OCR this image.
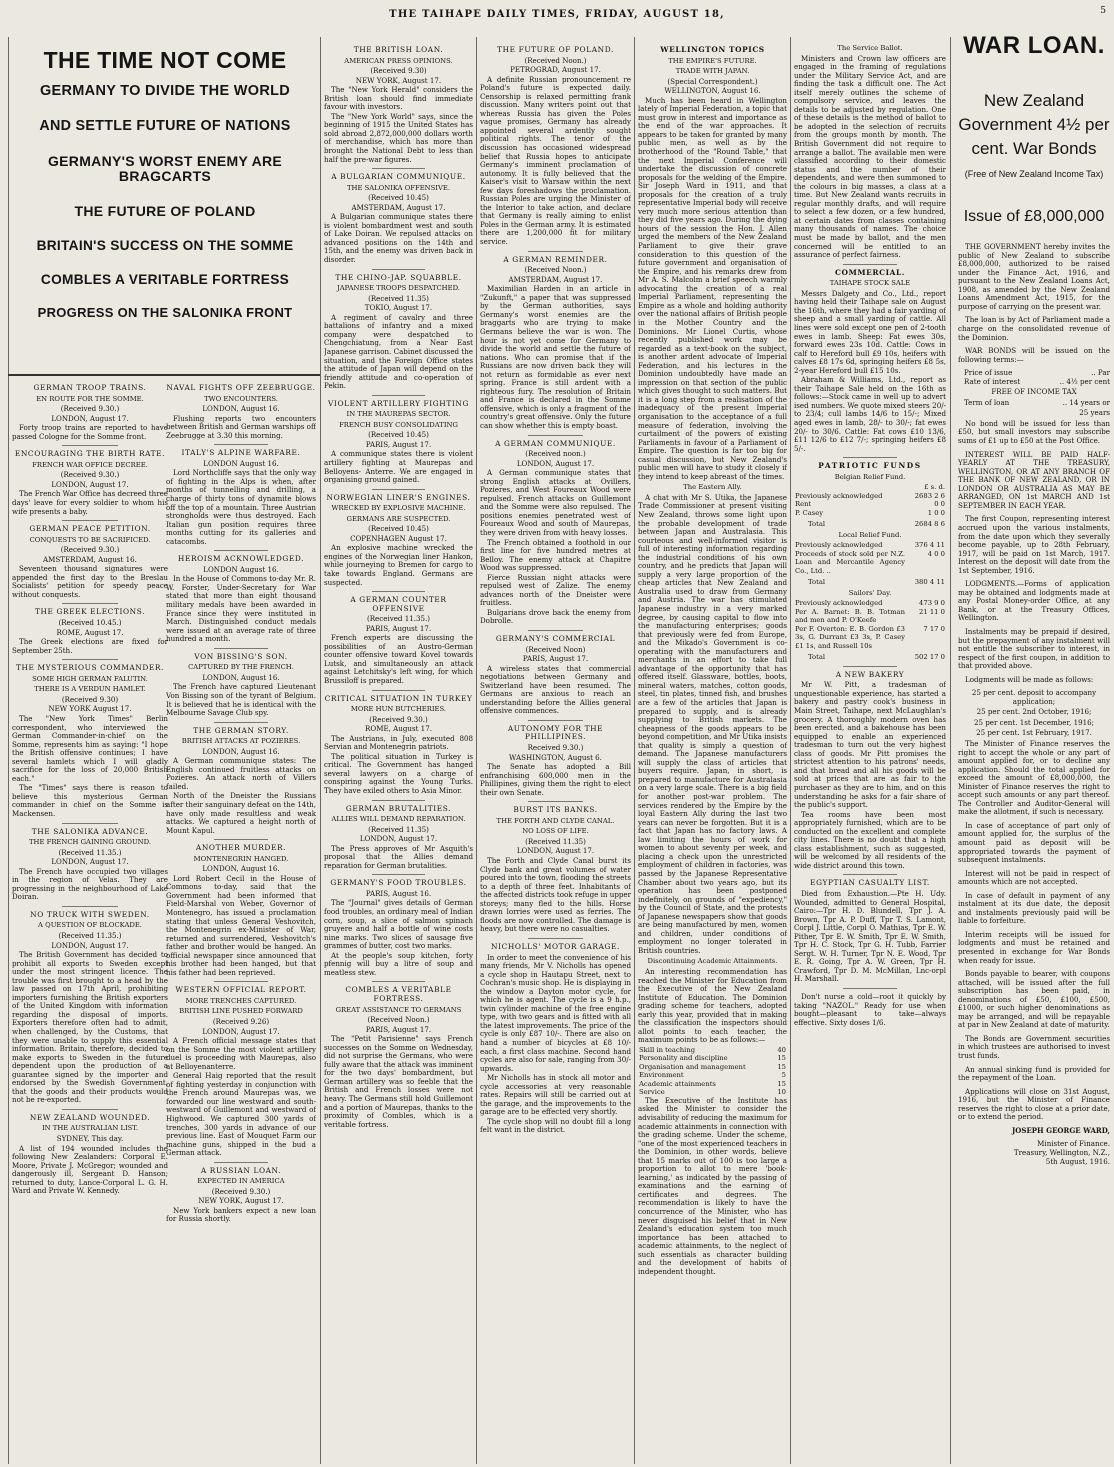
THE TAIHAPE DAILY TIMES, FRIDAY, AUGUST 18,	5
THE TIME NOT COME
GERMANY TO DIVIDE THE WORLD
AND SETTLE FUTURE OF NATIONS
GERMANY'S WORST ENEMY ARE BRAGCARTS
THE FUTURE OF POLAND
BRITAIN'S SUCCESS ON THE SOMME
COMBLES A VERITABLE FORTRESS
PROGRESS ON THE SALONIKA FRONT
GERMAN TROOP TRAINS.
EN ROUTE FOR THE SOMME.

(Received 9.30.)

LONDON, August 17.

Forty troop trains are reported to have passed Cologne for the Somme front.

ENCOURAGING THE BIRTH RATE.
FRENCH WAR OFFICE DECREE.

(Received 9.30.)

LONDON, August 17.

The French War Office has decreed three days' leave for every soldier to whom his wife presents a baby.

GERMAN PEACE PETITION.
CONQUESTS TO BE SACRIFICED.

(Received 9.30.)

AMSTERDAM, August 16.

Seventeen thousand signatures were appended the first day to the Breslau Socialists' petition for speedy peace without conquests.

THE GREEK ELECTIONS.

(Received 10.45.)

ROME, August 17.

The Greek elections are fixed for September 25th.

THE MYSTERIOUS COMMANDER.
SOME HIGH GERMAN FALUTIN.
THERE IS A VERDUN HAMLET.

(Received 9.30)

NEW YORK August 17.

The "New York Times" Berlin correspondent, who interviewed the German Commander-in-chief on the Somme, represents him as saying: "I hope the British offensive continues; I have several hamlets which I will gladly sacrifice for the loss of 20,000 British each."

The "Times" says there is reason to believe this mysterious German commander in chief on the Somme is Mackensen.

THE SALONIKA ADVANCE.
THE FRENCH GAINING GROUND.

(Received 11.35.)

LONDON, August 17.

The French have occupied two villages in the region of Velas. They are progressing in the neighbourhood of Lake Doiran.

NO TRUCK WITH SWEDEN.
A QUESTION OF BLOCKADE.

(Received 11.35.)

LONDON, August 17.

The British Government has decided to prohibit all exports to Sweden except under the most stringent licence. The trouble was first brought to a head by the law passed on 17th April, prohibiting importers furnishing the British exporters of the United Kingdom with information regarding the disposal of imports. Exporters therefore often had to admit, when challenged, by the Customs, that they were unable to supply this essential information. Britain, therefore, decided to make exports to Sweden in the future dependent upon the production of a guarantee signed by the importer and endorsed by the Swedish Government, that the goods and their products would not be re-exported.

NEW ZEALAND WOUNDED.
IN THE AUSTRALIAN LIST.

SYDNEY, This day.

A list of 194 wounded includes the following New Zealanders: Corporal E. Moore, Private J. McGregor; wounded and dangerously ill, Sergeant D. Hanson; returned to duty, Lance-Corporal L. G. H. Ward and Private W. Kennedy.

NAVAL FIGHTS OFF ZEEBRUGGE.
TWO ENCOUNTERS.

LONDON, August 16.

Flushing reports two encounters between British and German warships off Zeebrugge at 3.30 this morning.

ITALY'S ALPINE WARFARE.

LONDON August 16.

Lord Northcliffe says that the only way of fighting in the Alps is when, after months of tunnelling and drilling, a charge of thirty tons of dynamite blows off the top of a mountain. Three Austrian strongholds were thus destroyed. Each Italian gun position requires three months cutting for its galleries and catacombs.

HEROISM ACKNOWLEDGED.

LONDON August 16.

In the House of Commons to-day Mr. R. W. Forster, Under-Secretary for War stated that more than eight thousand military medals have been awarded in France since they were instituted in March. Distinguished conduct medals were issued at an average rate of three hundred a month.

VON BISSING'S SON.
CAPTURED BY THE FRENCH.

LONDON, August 16.

The French have captured Lieutenant Von Bissing son of the tyrant of Belgium. It is believed that he is identical with the Melbourne Savage Club spy.

THE GERMAN STORY.
BRITISH ATTACKS AT POZIERES.

LONDON, August 16.

A German communique states: The English continued fruitless attacks on Pozieres. An attack north of Villers failed.

North of the Dneister the Russians after their sanguinary defeat on the 14th, have only made resultless and weak attacks. We captured a height north of Mount Kapul.

ANOTHER MURDER.
MONTENEGRIN HANGED.

LONDON, August 16.

Lord Robert Cecil in the House of Commons to-day, said that the Government had been informed that Field-Marshal von Weber, Governor of Montenegro, has issued a proclamation stating that unless General Veshovitch, the Montenegrin ex-Minister of War, returned and surrendered, Veshovitch's father and brother would be hanged. An official newspaper since announced that his brother had been hanged, but that his father had been reprieved.

WESTERN OFFICIAL REPORT.
MORE TRENCHES CAPTURED.
BRITISH LINE PUSHED FORWARD

(Received 9.26)

LONDON, August 17.

A French official message states that on the Somme the most violent artillery duel is proceeding with Maurepas, also at Belloyenanterre.

General Haig reported that the result of fighting yesterday in conjunction with the French around Maurepas was, we forwarded our line westward and south-westward of Guillemont and westward of Highwood. We captured 300 yards of trenches, 300 yards in advance of our previous line. East of Mouquet Farm our machine guns, shipped in the bud a German attack.

A RUSSIAN LOAN.
EXPECTED IN AMERICA

(Received 9.30.)

NEW YORK, August 17.

New York bankers expect a new loan for Russia shortly.

THE BRITISH LOAN.
AMERICAN PRESS OPINIONS.

(Received 9.30)

NEW YORK, August 17.

The "New York Herald" considers the British loan should find immediate favour with investors.

The "New York World" says, since the beginning of 1915 the United States has sold abroad 2,872,000,000 dollars worth of merchandise, which has more than brought the National Debt to less than half the pre-war figures.

A BULGARIAN COMMUNIQUE.
THE SALONIKA OFFENSIVE.

(Received 10.45)

AMSTERDAM, August 17.

A Bulgarian communique states there is violent bombardment west and south of Lake Doiran. We repulsed attacks on advanced positions on the 14th and 15th, and the enemy was driven back in disorder.

THE CHINO-JAP. SQUABBLE.
JAPANESE TROOPS DESPATCHED.

(Received 11.35)

TOKIO, August 17.

A regiment of cavalry and three battalions of infantry and a mixed company were despatched to Chengchiatung, from a Near East Japanese garrison. Cabinet discussed the situation, and the Foreign Office states the attitude of Japan will depend on the friendly attitude and co-operation of Pekin.

VIOLENT ARTILLERY FIGHTING
IN THE MAUREPAS SECTOR.
FRENCH BUSY CONSOLIDATING

(Received 10.45)

PARIS, August 17.

A communique states there is violent artillery fighting at Maurepas and Belloyens- Anterre. We are engaged in organising ground gained.

NORWEGIAN LINER'S ENGINES.
WRECKED BY EXPLOSIVE MACHINE.
GERMANS ARE SUSPECTED.

(Received 10.45)

COPENHAGEN August 17.

An explosive machine wrecked the engines of the Norwegian liner Hankon, while journeying to Bremen for cargo to take towards England. Germans are suspected.

A GERMAN COUNTER OFFENSIVE

(Received 11.35.)

PARIS, August 17.

French experts are discussing the possibilities of an Austro-German counter offensive toward Kovel towards Lutsk, and simultaneously an attack against Letchitsky's left wing, for which Brussiloff is prepared.

CRITICAL SITUATION IN TURKEY
MORE HUN BUTCHERIES.

(Received 9.30.)

ROME, August 17.

The Austrians, in July, executed 808 Servian and Montenegrin patriots.

The political situation in Turkey is critical. The Government has hanged several lawyers on a charge of conspiring against the Young Turks. They have exiled others to Asia Minor.

GERMAN BRUTALITIES.
ALLIES WILL DEMAND REPARATION.

(Received 11.35)

LONDON, August 17.

The Press approves of Mr Asquith's proposal that the Allies demand reparation for German brutalities.

GERMANY'S FOOD TROUBLES.

PARIS, August 16.

The "Journal" gives details of German food troubles, an ordinary meal of Indian corn, soup, a slice of salmon spinach gruyere and half a bottle of wine costs nine marks. Two slices of sausage five grammes of butter, cost two marks.

At the people's soup kitchen, forty pfennig will buy a litre of soup and meatless stew.

COMBLES A VERITABLE FORTRESS.
GREAT ASSISTANCE TO GERMANS

(Received Noon.)

PARIS, August 17.

The "Petit Parisienne" says French successes on the Somme on Wednesday, did not surprise the Germans, who were fully aware that the attack was imminent for the two days' bombardment, but German artillery was so feeble that the British and French losses were not heavy. The Germans still hold Guillemont and a portion of Maurepas, thanks to the proximity of Combles, which is a veritable fortress.

THE FUTURE OF POLAND.

(Received Noon.)

PETROGRAD, August 17.

A definite Russian pronouncement re Poland's future is expected daily. Censorship is relaxed permitting frank discussion. Many writers point out that whereas Russia has given the Poles vague promises, Germany has already appointed several ardently sought political rights. The tenor of the discussion has occasioned widespread belief that Russia hopes to anticipate Germany's imminent proclamation of autonomy. It is fully believed that the Kaiser's visit to Warsaw within the next few days foreshadows the proclamation. Russian Poles are urging the Minister of the Interior to take action, and declare that Germany is really aiming to enlist Poles in the German army. It is estimated there are 1,200,000 fit for military service.

A GERMAN REMINDER.

(Received Noon.)

AMSTERDAM, August 17.

Maximilian Harden in an article in "Zukunft," a paper that was suppressed by the German authorities, says Germany's worst enemies are the braggarts who are trying to make Germans believe the war is won. The hour is not yet come for Germany to divide the world and settle the future of nations. Who can promise that if the Russians are now driven back they will not return as formidable as ever next spring. France is still ardent with a righteous fury. The resolution of Britain and France is declared in the Somme offensive, which is only a fragment of the country's great offensive. Only the future can show whether this is empty boast.

A GERMAN COMMUNIQUE.

(Received noon.)

LONDON, August 17.

A German communique states that strong English attacks at Ovillers, Pozieres, and West Foureaux Wood were repulsed. French attacks on Guillemont and the Somme were also repulsed. The positions enemies penetrated west of Foureaux Wood and south of Maurepas, they were driven from with heavy losses.

The French obtained a foothold in our first line for five hundred metres at Belloy. The enemy attack at Chapitre Wood was suppressed.

Fierce Russian night attacks were repulsed west of Zalize. The enemy advances north of the Dneister were fruitless.

Bulgarians drove back the enemy from Dobrolle.

GERMANY'S COMMERCIAL

(Received Noon)

PARIS, August 17.

A wireless states that commercial negotiations between Germany and Switzerland have been resumed. The Germans are anxious to reach an understanding before the Allies general offensive commences.

AUTONOMY FOR THE PHILLIPINES.

Received 9.30.)

WASHINGTON, August 6.

The Senate has adopted a Bill enfranchising 600,000 men in the Phillipines, giving them the right to elect their own Senate.

BURST ITS BANKS.
THE FORTH AND CLYDE CANAL.
NO LOSS OF LIFE.

(Received 11.35)

LONDON, August 17.

The Forth and Clyde Canal burst its Clyde bank and great volumes of water poured into the town, flooding the streets to a depth of three feet. Inhabitants of the affected districts took refuge in upper storeys; many fled to the hills. Horse drawn lorries were used as ferries. The floods are now controlled. The damage is heavy, but there were no casualties.

NICHOLLS' MOTOR GARAGE.

In order to meet the convenience of his many friends, Mr V. Nicholls has opened a cycle shop in Hautapu Street, next to Cochran's music shop. He is displaying in the window a Dayton motor cycle, for which he is agent. The cycle is a 9 h.p., twin cylinder machine of the free engine type, with two gears and is fitted with all the latest improvements. The price of the cycle is only £87 10/-. There are also on hand a number of bicycles at £8 10/- each, a first class machine. Second hand cycles are also for sale, ranging from 30/- upwards.

Mr Nicholls has in stock all motor and cycle accessories at very reasonable rates. Repairs will still be carried out at the garage, and the improvements to the garage are to be effected very shortly.

The cycle shop will no doubt fill a long felt want in the district.

WELLINGTON TOPICS
THE EMPIRE'S FUTURE.
TRADE WITH JAPAN.

(Special Correspondent.)

WELLINGTON, August 16.

Much has been heard in Wellington lately of Imperial Federation, a topic that must grow in interest and importance as the end of the war approaches. It appears to be taken for granted by many public men, as well as by the brotherhood of the "Round Table," that the next Imperial Conference will undertake the discussion of concrete proposals for the welding of the Empire. Sir Joseph Ward in 1911, and that proposals for the creation of a truly representative Imperial body will receive very much more serious attention than they did five years ago. During the dying hours of the session the Hon. J. Allen urged the members of the New Zealand Parliament to give their grave consideration to this question of the future government and organisation of the Empire, and his remarks drew from Mr A. S. Malcolm a brief speech warmly advocating the creation of a real Imperial Parliament, representing the Empire as a whole and holding authority over the national affairs of British people in the Mother Country and the Dominions. Mr Lionel Curtis, whose recently published work may be regarded as a text-book on the subject, is another ardent advocate of Imperial Federation, and his lectures in the Dominion undoubtedly have made an impression on that section of the public which gives thought to such matters. But it is a long step from a realisation of the inadequacy of the present Imperial organisation to the acceptance of a full measure of federation, involving the curtailment of the powers of existing Parliaments in favour of a Parliament of Empire. The question is far too big for casual discussion, but New Zealand's public men will have to study it closely if they intend to keep abreast of the times.

The Eastern Ally.

A chat with Mr S. Utika, the Japanese Trade Commissioner at present visiting New Zealand, throws some light upon the probable development of trade between Japan and Australasia. This courteous and well-informed visitor is full of interesting information regarding the industrial conditions of his own country, and he predicts that Japan will supply a very large proportion of the cheap articles that New Zealand and Australia used to draw from Germany and Austria. The war has stimulated Japanese industry in a very marked degree, by causing capital to flow into the manufacturing enterprises; goods that previously were fed from Europe, and the Mikado's Government is co-operating with the manufacturers and merchants in an effort to take full advantage of the opportunity that has offered itself. Glassware, bottles, boots, mineral waters, matches, cotton goods, steel, tin plates, tinned fish, and brushes are a few of the articles that Japan is prepared to supply, and is already supplying to British markets. The cheapness of the goods appears to be beyond competition, and Mr Utika insists that quality is simply a question of demand. The Japanese manufacturers will supply the class of articles that buyers require. Japan, in short, is prepared to manufacture for Australasia on a very large scale. There is a big field for another post-war problem. The services rendered by the Empire by the loyal Eastern Ally during the last two years can never be forgotten. But it is a fact that Japan has no factory laws. A law limiting the hours of work for women to about seventy per week, and placing a check upon the unrestricted employment of children in factories, was passed by the Japanese Representative Chamber about two years ago, but its operation has been postponed indefinitely, on grounds of "expediency," by the Council of State, and the protests of Japanese newspapers show that goods are being manufactured by men, women and children, under conditions of employment no longer tolerated in British countries.

Discontinuing Academic Attainments.

An interesting recommendation has reached the Minister for Education from the Executive of the New Zealand Institute of Education. The Dominion grading scheme for teachers, adopted early this year, provided that in making the classification the inspectors should allot points to each teacher, the maximum points to be as follows:—

Skill in teaching	40
Personality and discipline	15
Organisation and management	15
Environment	5
Academic attainments	15
Service	10

The Executive of the Institute has asked the Minister to consider the advisability of reducing the maximum for academic attainments in connection with the grading scheme. Under the scheme, "one of the most experienced teachers in the Dominion, in other words, believe that 15 marks out of 100 is too large a proportion to allot to mere 'book-learning,' as indicated by the passing of examinations and the earning of certificates and degrees. The recommendation is likely to have the concurrence of the Minister, who has never disguised his belief that in New Zealand's education system too much importance has been attached to academic attainments, to the neglect of such essentials as character building and the development of habits of independent thought.

The Service Ballot.

Ministers and Crown law officers are engaged in the framing of regulations under the Military Service Act, and are finding the task a difficult one. The Act itself merely outlines the scheme of compulsory service, and leaves the details to be adjusted by regulation. One of these details is the method of ballot to be adopted in the selection of recruits from the groups month by month. The British Government did not require to arrange a ballot. The available men were classified according to their domestic status and the number of their dependents, and were then summoned to the colours in big masses, a class at a time. But New Zealand wants recruits in regular monthly drafts, and will require to select a few dozen, or a few hundred, at certain dates from classes containing many thousands of names. The choice must be made by ballot, and the men concerned will be entitled to an assurance of perfect fairness.

COMMERCIAL.
TAIHAPE STOCK SALE

Messrs Dalgety and Co., Ltd., report having held their Taihape sale on August the 16th, where they had a fair yarding of sheep and a small yarding of cattle. All lines were sold except one pen of 2-tooth ewes in lamb. Sheep: Fat ewes 30s, forward ewes 23s 10d. Cattle: Cows in calf to Hereford bull £9 10s, heifers with calves £8 17s 6d, springing heifers £8 5s, 2-year Hereford bull £15 10s.

Abraham & Williams, Ltd., report as their Taihape Sale held on the 16th as follows:—Stock came in well up to advert ised numbers. We quote mixed steers 20/- to 23/4; cull lambs 14/6 to 15/-; Mixed aged ewes in lamb, 28/- to 30/-; fat ewes 20/- to 30/6. Cattle: Fat cows £10 13/6, £11 12/6 to £12 7/-; springing heifers £8 5/-.

PATRIOTIC FUNDS
Belgian Relief Fund.
	£ s. d.
Previously acknowledged	2683 2 6
Rent	0 0
P. Casey	1 0 0
Total	2684 8 6
Local Relief Fund.
Previously acknowledged	376 4 11
Proceeds of stock sold per N.Z. Loan and Mercantile Agency Co., Ltd. ..	4 0 0
Total	380 4 11
Sailors' Day.
Previously acknowledged	473 9 0
Per A. Barnet: B. B. Totman and men and P. O'Keefe	21 11 0
Per F. Overton: E. B. Gordon £3 3s, G. Durrant £3 3s, P. Casey £1 1s, and Russell 10s	7 17 0
Total	502 17 0
A NEW BAKERY

Mr W. Pitt, a tradesman of unquestionable experience, has started a bakery and pastry cook's business in Main Street, Taihape, next McLaughlan's grocery. A thoroughly modern oven has been erected, and a bakehouse has been equipped to enable an experienced tradesman to turn out the very highest class of goods. Mr Pitt promises the strictest attention to his patrons' needs, and that bread and all his goods will be sold at prices that are as fair to the purchaser as they are to him, and on this understanding he asks for a fair share of the public's support.

Tea rooms have been most appropriately furnished, which are to be conducted on the excellent and complete city lines. There is no doubt that a high class establishment, such as suggested, will be welcomed by all residents of the wide district around this town.

EGYPTIAN CASUALTY LIST.

Died from Exhaustion.—Pte H. Udy. Wounded, admitted to General Hospital, Cairo:—Tpr H. D. Blundell, Tpr J. A. Brown, Tpr A. P. Duff, Tpr T. S. Lamont, Corpl J. Little, Corpl O. Mathias, Tpr E. W. Pither, Tpr E. W. Smith, Tpr E. W. Smith, Tpr H. C. Stock, Tpr G. H. Tubb, Farrier Sergt. W. H. Turner, Tpr N. E. Wood, Tpr E. R. Going, Tpr A. W. Green, Tpr H. Crawford, Tpr D. M. McMillan, Lnc-orpl H. Marshall.

Don't nurse a cold—root it quickly by taking "NAZOL." Ready for use when bought—pleasant to take—always effective. Sixty doses 1/6.

WAR LOAN.
New Zealand Government 4½ per cent. War Bonds
(Free of New Zealand Income Tax)
Issue of £8,000,000

THE GOVERNMENT hereby invites the public of New Zealand to subscribe £8,000,000, authorized to be raised under the Finance Act, 1916, and pursuant to the New Zealand Loans Act, 1908, as amended by the New Zealand Loans Amendment Act, 1915, for the purpose of carrying on the present war.

The loan is by Act of Parliament made a charge on the consolidated revenue of the Dominion.

WAR BONDS will be issued on the following terms:—

Price of issue	.. Par
Rate of interest	.. 4½ per cent

FREE OF INCOME TAX

Term of loan	.. 14 years or

25 years

No bond will be issued for less than £50, but small investors may subscribe sums of £1 up to £50 at the Post Office.

INTEREST WILL BE PAID HALF-YEARLY AT THE TREASURY, WELLINGTON, OR AT ANY BRANCH OF THE BANK OF NEW ZEALAND, OR IN LONDON OR AUSTRALIA AS MAY BE ARRANGED, ON 1st MARCH AND 1st SEPTEMBER IN EACH YEAR.

The first Coupon, representing interest accrued upon the various instalments, from the date upon which they severally become payable, up to 28th February, 1917, will be paid on 1st March, 1917. Interest on the deposit will date from the 1st September, 1916.

LODGMENTS.—Forms of application may be obtained and lodgments made at any Postal Money-order Office, at any Bank, or at the Treasury Offices, Wellington.

Instalments may be prepaid if desired, but the prepayment of any instalment will not entitle the subscriber to interest, in respect of the first coupon, in addition to that provided above.

Lodgments will be made as follows:

25 per cent. deposit to accompany application;

25 per cent. 2nd October, 1916;

25 per cent. 1st December, 1916;

25 per cent. 1st February, 1917.

The Minister of Finance reserves the right to accept the whole or any part of amount applied for, or to decline any application. Should the total applied for exceed the amount of £8,000,000, the Minister of Finance reserves the right to accept such amounts or any part thereof. The Controller and Auditor-General will make the allotment, if such is necessary.

In case of acceptance of part only of amount applied for, the surplus of the amount paid as deposit will be appropriated towards the payment of subsequent instalments.

Interest will not be paid in respect of amounts which are not accepted.

In case of default in payment of any instalment at its due date, the deposit and instalments previously paid will be liable to forfeiture.

Interim receipts will be issued for lodgments and must be retained and presented in exchange for War Bonds when ready for issue.

Bonds payable to bearer, with coupons attached, will be issued after the full subscription has been paid, in denominations of £50, £100, £500, £1000, or such higher denominations as may be arranged, and will be repayable at par in New Zealand at date of maturity.

The Bonds are Government securities in which trustees are authorised to invest trust funds.

An annual sinking fund is provided for the repayment of the Loan.

Applications will close on 31st August, 1916, but the Minister of Finance reserves the right to close at a prior date, or to extend the period.

JOSEPH GEORGE WARD,

Minister of Finance.

Treasury, Wellington, N.Z.,

5th August, 1916.
